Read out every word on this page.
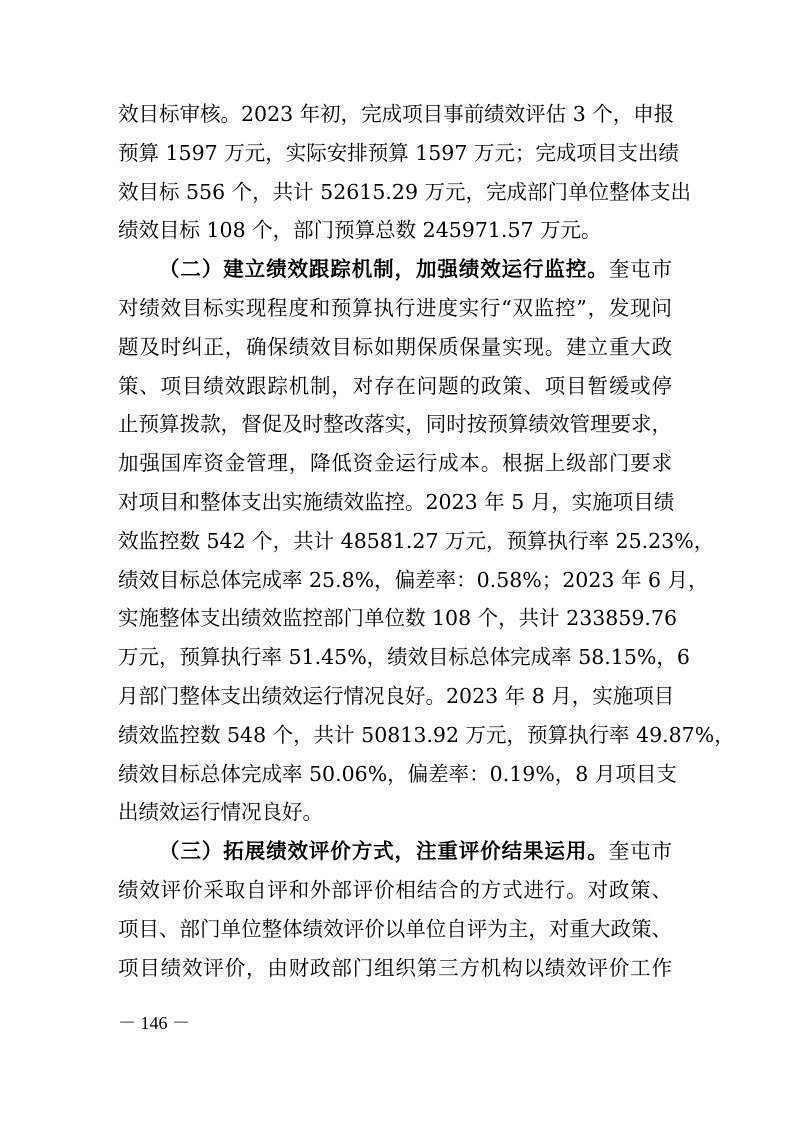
效目标审核。2023 年初，完成项目事前绩效评估 3 个，申报
预算 1597 万元，实际安排预算 1597 万元；完成项目支出绩
效目标 556 个，共计 52615.29 万元，完成部门单位整体支出
绩效目标 108 个，部门预算总数 245971.57 万元。
（二）建立绩效跟踪机制，加强绩效运行监控。奎屯市
对绩效目标实现程度和预算执行进度实行“双监控”，发现问
题及时纠正，确保绩效目标如期保质保量实现。建立重大政
策、项目绩效跟踪机制，对存在问题的政策、项目暂缓或停
止预算拨款，督促及时整改落实，同时按预算绩效管理要求，
加强国库资金管理，降低资金运行成本。根据上级部门要求
对项目和整体支出实施绩效监控。2023 年 5 月，实施项目绩
效监控数 542 个，共计 48581.27 万元，预算执行率 25.23%，
绩效目标总体完成率 25.8%，偏差率：0.58%；2023 年 6 月，
实施整体支出绩效监控部门单位数 108 个，共计 233859.76
万元，预算执行率 51.45%，绩效目标总体完成率 58.15%，6
月部门整体支出绩效运行情况良好。2023 年 8 月，实施项目
绩效监控数 548 个，共计 50813.92 万元，预算执行率 49.87%，
绩效目标总体完成率 50.06%，偏差率：0.19%，8 月项目支
出绩效运行情况良好。
（三）拓展绩效评价方式，注重评价结果运用。奎屯市
绩效评价采取自评和外部评价相结合的方式进行。对政策、
项目、部门单位整体绩效评价以单位自评为主，对重大政策、
项目绩效评价，由财政部门组织第三方机构以绩效评价工作
－ 146 －
